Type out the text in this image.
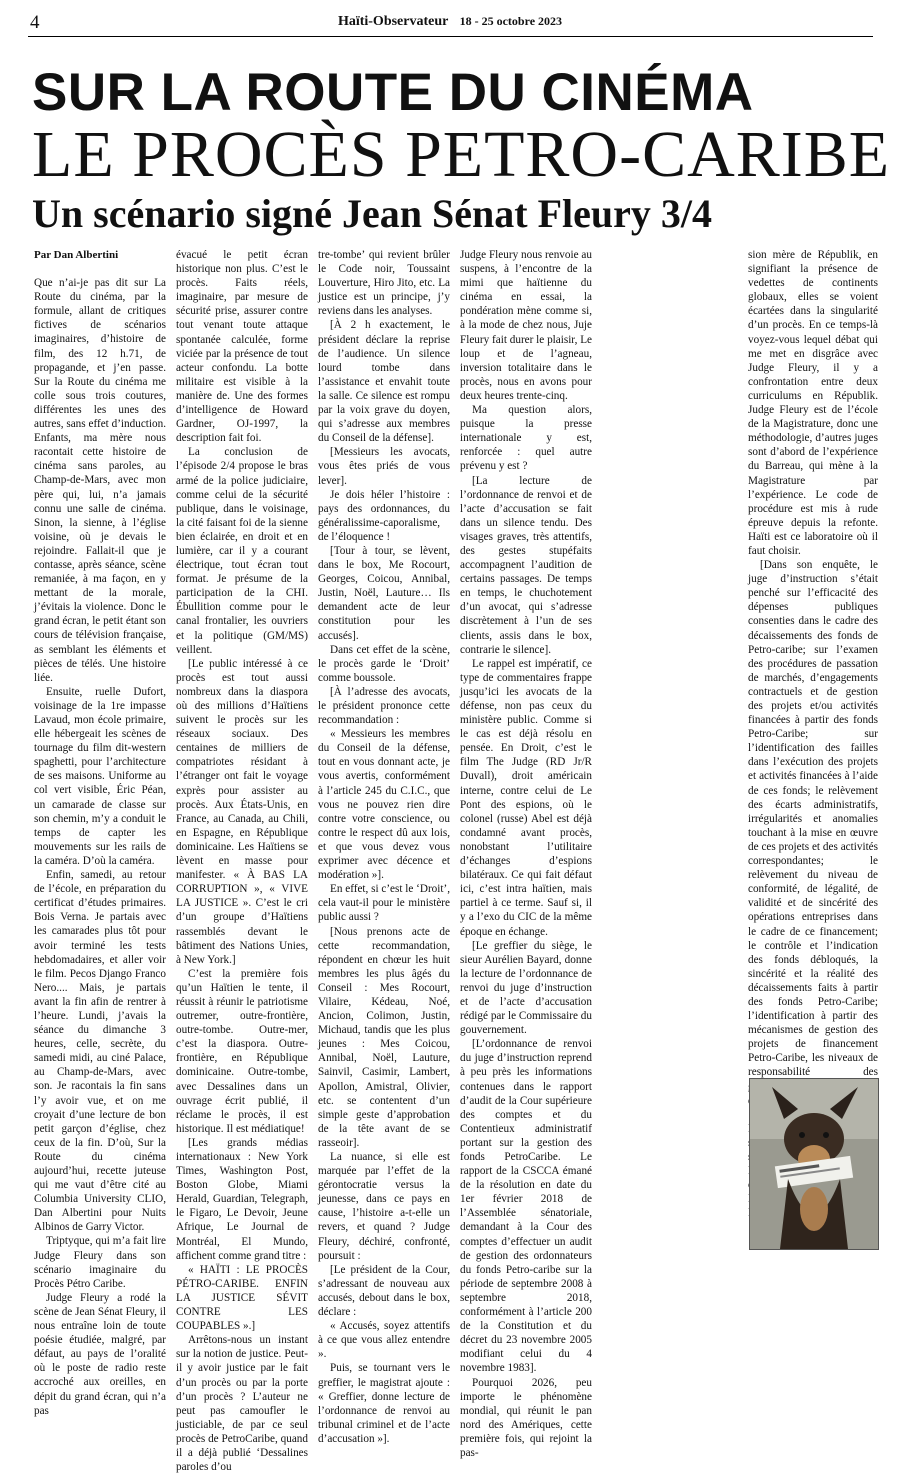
4	Haïti-Observateur 18 - 25 octobre 2023
SUR LA ROUTE DU CINÉMA
LE PROCÈS PETRO-CARIBE
Un scénario signé Jean Sénat Fleury 3/4
Par Dan Albertini

Que n’ai-je pas dit sur La Route du cinéma, par la formule, allant de critiques fictives de scénarios imaginaires, d’histoire de film, des 12 h.71, de propagande, et j’en passe. Sur la Route du cinéma me colle sous trois coutures, différentes les unes des autres, sans effet d’induction. Enfants, ma mère nous racontait cette histoire de cinéma sans paroles, au Champ-de-Mars, avec mon père qui, lui, n’a jamais connu une salle de cinéma. Sinon, la sienne, à l’église voisine, où je devais le rejoindre. Fallait-il que je contasse, après séance, scène remaniée, à ma façon, en y mettant de la morale, j’évitais la violence. Donc le grand écran, le petit étant son cours de télévision française, as semblant les éléments et pièces de télés. Une histoire liée.

Ensuite, ruelle Dufort, voisinage de la 1re impasse Lavaud, mon école primaire, elle hébergeait les scènes de tournage du film dit-western spaghetti, pour l’architecture de ses maisons. Uniforme au col vert visible, Éric Péan, un camarade de classe sur son chemin, m’y a conduit le temps de capter les mouvements sur les rails de la caméra. D’où la caméra.

Enfin, samedi, au retour de l’école, en préparation du certificat d’études primaires. Bois Verna. Je partais avec les camarades plus tôt pour avoir terminé les tests hebdomadaires, et aller voir le film. Pecos Django Franco Nero.... Mais, je partais avant la fin afin de rentrer à l’heure. Lundi, j’avais la séance du dimanche 3 heures, celle, secrète, du samedi midi, au ciné Palace, au Champ-de-Mars, avec son. Je racontais la fin sans l’y avoir vue, et on me croyait d’une lecture de bon petit garçon d’église, chez ceux de la fin. D’où, Sur la Route du cinéma aujourd’hui, recette juteuse qui me vaut d’être cité au Columbia University CLIO, Dan Albertini pour Nuits Albinos de Garry Victor.

Triptyque, qui m’a fait lire Judge Fleury dans son scénario imaginaire du Procès Pétro Caribe.

Judge Fleury a rodé la scène de Jean Sénat Fleury, il nous entraîne loin de toute poésie étudiée, malgré, par défaut, au pays de l’oralité où le poste de radio reste accroché aux oreilles, en dépit du grand écran, qui n’a pas

évacué le petit écran historique non plus. C’est le procès. Faits réels, imaginaire, par mesure de sécurité prise, assurer contre tout venant toute attaque spontanée calculée, forme viciée par la présence de tout acteur confondu. La botte militaire est visible à la manière de. Une des formes d’intelligence de Howard Gardner, OJ-1997, la description fait foi.

La conclusion de l’épisode 2/4 propose le bras armé de la police judiciaire, comme celui de la sécurité publique, dans le voisinage, la cité faisant foi de la sienne bien éclairée, en droit et en lumière, car il y a courant électrique, tout écran tout format. Je présume de la participation de la CHI. Ébullition comme pour le canal frontalier, les ouvriers et la politique (GM/MS) veillent.

[Le public intéressé à ce procès est tout aussi nombreux dans la diaspora où des millions d’Haïtiens suivent le procès sur les réseaux sociaux. Des centaines de milliers de compatriotes résidant à l’étranger ont fait le voyage exprès pour assister au procès. Aux États-Unis, en France, au Canada, au Chili, en Espagne, en République dominicaine. Les Haïtiens se lèvent en masse pour manifester. « À BAS LA CORRUPTION », « VIVE LA JUSTICE ». C’est le cri d’un groupe d’Haïtiens rassemblés devant le bâtiment des Nations Unies, à New York.]

C’est la première fois qu’un Haïtien le tente, il réussit à réunir le patriotisme outremer, outre-frontière, outre-tombe. Outre-mer, c’est la diaspora. Outre-frontière, en République dominicaine. Outre-tombe, avec Dessalines dans un ouvrage écrit publié, il réclame le procès, il est historique. Il est médiatique!

[Les grands médias internationaux : New York Times, Washington Post, Boston Globe, Miami Herald, Guardian, Telegraph, le Figaro, Le Devoir, Jeune Afrique, Le Journal de Montréal, El Mundo, affichent comme grand titre :

« HAÏTI : LE PROCÈS PÉTRO-CARIBE. ENFIN LA JUSTICE SÉVIT CONTRE LES COUPABLES ».]

Arrêtons-nous un instant sur la notion de justice. Peut-il y avoir justice par le fait d’un procès ou par la porte d’un procès ? L’auteur ne peut pas camoufler le justiciable, de par ce seul procès de PetroCaribe, quand il a déjà publié ‘Dessalines paroles d’ou

tre-tombe’ qui revient brûler le Code noir, Toussaint Louverture, Hiro Jito, etc. La justice est un principe, j’y reviens dans les analyses.

[À 2 h exactement, le président déclare la reprise de l’audience. Un silence lourd tombe dans l’assistance et envahit toute la salle. Ce silence est rompu par la voix grave du doyen, qui s’adresse aux membres du Conseil de la défense].

[Messieurs les avocats, vous êtes priés de vous lever].

Je dois héler l’histoire : pays des ordonnances, du généralissime-caporalisme, de l’éloquence !

[Tour à tour, se lèvent, dans le box, Me Rocourt, Georges, Coicou, Annibal, Justin, Noël, Lauture… Ils demandent acte de leur constitution pour les accusés].

Dans cet effet de la scène, le procès garde le ‘Droit’ comme boussole.

[À l’adresse des avocats, le président prononce cette recommandation :

« Messieurs les membres du Conseil de la défense, tout en vous donnant acte, je vous avertis, conformément à l’article 245 du C.I.C., que vous ne pouvez rien dire contre votre conscience, ou contre le respect dû aux lois, et que vous devez vous exprimer avec décence et modération »].

En effet, si c’est le ‘Droit’, cela vaut-il pour le ministère public aussi ?

[Nous prenons acte de cette recommandation, répondent en chœur les huit membres les plus âgés du Conseil : Mes Rocourt, Vilaire, Kédeau, Noé, Ancion, Colimon, Justin, Michaud, tandis que les plus jeunes : Mes Coicou, Annibal, Noël, Lauture, Sainvil, Casimir, Lambert, Apollon, Amistral, Olivier, etc. se contentent d’un simple geste d’approbation de la tête avant de se rasseoir].

La nuance, si elle est marquée par l’effet de la gérontocratie versus la jeunesse, dans ce pays en cause, l’histoire a-t-elle un revers, et quand ? Judge Fleury, déchiré, confronté, poursuit :

[Le président de la Cour, s’adressant de nouveau aux accusés, debout dans le box, déclare :

« Accusés, soyez attentifs à ce que vous allez entendre ».

Puis, se tournant vers le greffier, le magistrat ajoute : « Greffier, donne lecture de l’ordonnance de renvoi au tribunal criminel et de l’acte d’accusation »].

Judge Fleury nous renvoie au suspens, à l’encontre de la mimi que haïtienne du cinéma en essai, la pondération mène comme si, à la mode de chez nous, Juje Fleury fait durer le plaisir, Le loup et de l’agneau, inversion totalitaire dans le procès, nous en avons pour deux heures trente-cinq.

Ma question alors, puisque la presse internationale y est, renforcée : quel autre prévenu y est ?

[La lecture de l’ordonnance de renvoi et de l’acte d’accusation se fait dans un silence tendu. Des visages graves, très attentifs, des gestes stupéfaits accompagnent l’audition de certains passages. De temps en temps, le chuchotement d’un avocat, qui s’adresse discrètement à l’un de ses clients, assis dans le box, contrarie le silence].

Le rappel est impératif, ce type de commentaires frappe jusqu’ici les avocats de la défense, non pas ceux du ministère public. Comme si le cas est déjà résolu en pensée. En Droit, c’est le film The Judge (RD Jr/R Duvall), droit américain interne, contre celui de Le Pont des espions, où le colonel (russe) Abel est déjà condamné avant procès, nonobstant l’utilitaire d’échanges d’espions bilatéraux. Ce qui fait défaut ici, c’est intra haïtien, mais partiel à ce terme. Sauf si, il y a l’exo du CIC de la même époque en échange.

[Le greffier du siège, le sieur Aurélien Bayard, donne la lecture de l’ordonnance de renvoi du juge d’instruction et de l’acte d’accusation rédigé par le Commissaire du gouvernement.

[L’ordonnance de renvoi du juge d’instruction reprend à peu près les informations contenues dans le rapport d’audit de la Cour supérieure des comptes et du Contentieux administratif portant sur la gestion des fonds PetroCaribe. Le rapport de la CSCCA émané de la résolution en date du 1er février 2018 de l’Assemblée sénatoriale, demandant à la Cour des comptes d’effectuer un audit de gestion des ordonnateurs du fonds Petro-caribe sur la période de septembre 2008 à septembre 2018, conformément à l’article 200 de la Constitution et du décret du 23 novembre 2005 modifiant celui du 4 novembre 1983].

Pourquoi 2026, peu importe le phénomène mondial, qui réunit le pan nord des Amériques, cette première fois, qui rejoint la pas-

sion mère de Républik, en signifiant la présence de vedettes de continents globaux, elles se voient écartées dans la singularité d’un procès. En ce temps-là voyez-vous lequel débat qui me met en disgrâce avec Judge Fleury, il y a confrontation entre deux curriculums en Républik. Judge Fleury est de l’école de la Magistrature, donc une méthodologie, d’autres juges sont d’abord de l’expérience du Barreau, qui mène à la Magistrature par l’expérience. Le code de procédure est mis à rude épreuve depuis la refonte. Haïti est ce laboratoire où il faut choisir.

[Dans son enquête, le juge d’instruction s’était penché sur l’efficacité des dépenses publiques consenties dans le cadre des décaissements des fonds de Petro-caribe; sur l’examen des procédures de passation de marchés, d’engagements contractuels et de gestion des projets et/ou activités financées à partir des fonds Petro-Caribe; sur l’identification des failles dans l’exécution des projets et activités financées à l’aide de ces fonds; le relèvement des écarts administratifs, irrégularités et anomalies touchant à la mise en œuvre de ces projets et des activités correspondantes; le relèvement du niveau de conformité, de légalité, de validité et de sincérité des opérations entreprises dans le cadre de ce financement; le contrôle et l’indication des fonds débloqués, la sincérité et la réalité des décaissements faits à partir des fonds Petro-Caribe; l’identification à partir des mécanismes de gestion des projets de financement Petro-Caribe, les niveaux de responsabilité des
